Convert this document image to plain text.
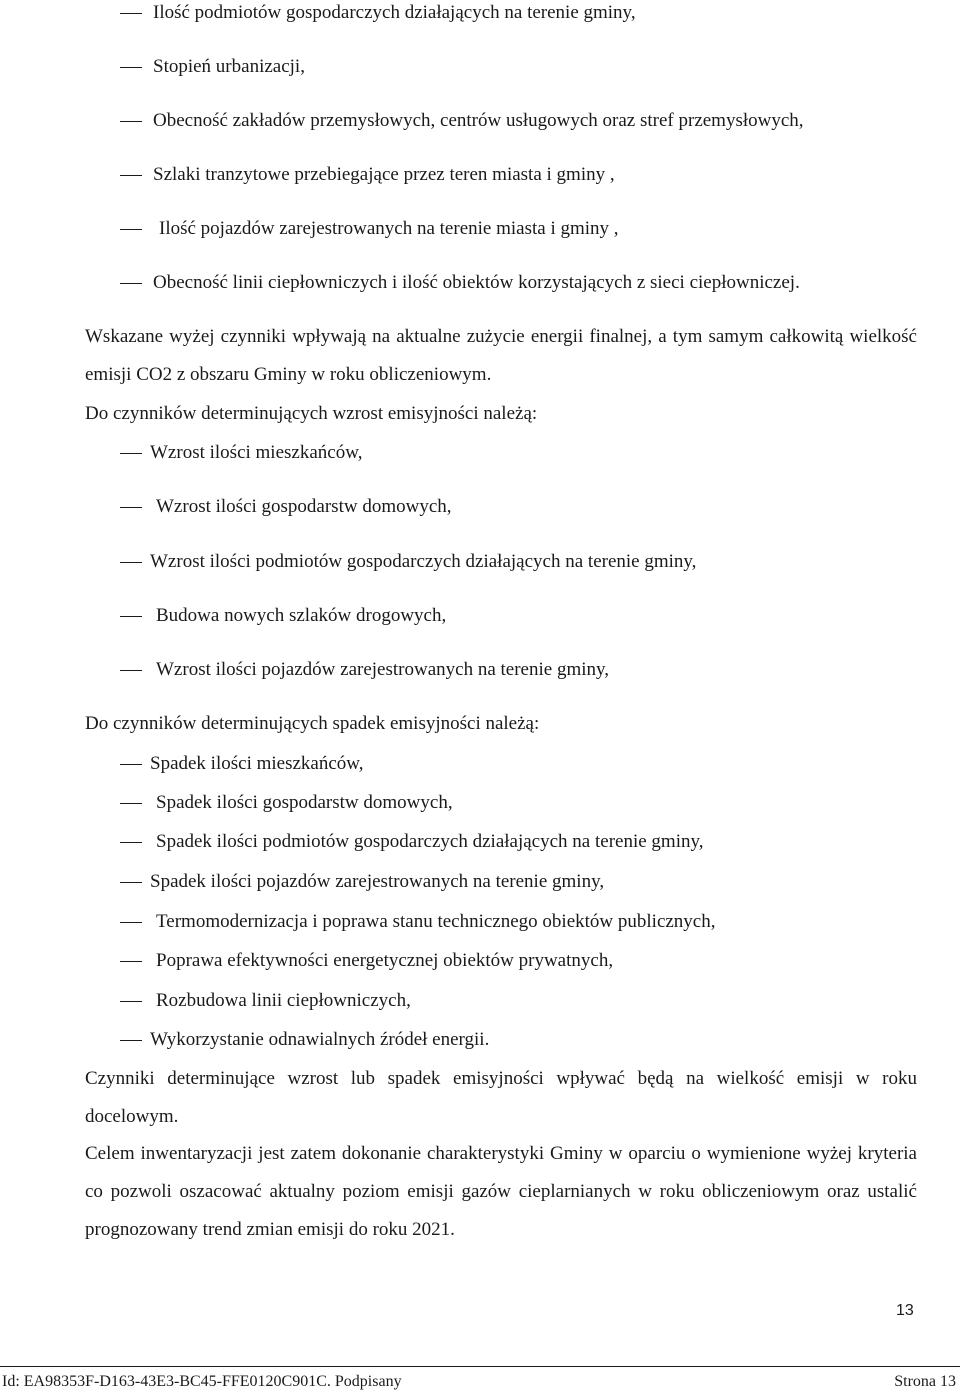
Ilość podmiotów gospodarczych działających na terenie gminy,
Stopień urbanizacji,
Obecność zakładów przemysłowych, centrów usługowych oraz stref przemysłowych,
Szlaki tranzytowe przebiegające przez teren miasta i gminy ,
Ilość pojazdów zarejestrowanych na terenie miasta i gminy ,
Obecność linii ciepłowniczych i ilość obiektów korzystających z sieci ciepłowniczej.
Wskazane wyżej czynniki wpływają na aktualne zużycie energii finalnej, a tym samym całkowitą wielkość emisji CO2 z obszaru Gminy w roku obliczeniowym.
Do czynników determinujących wzrost emisyjności należą:
Wzrost ilości mieszkańców,
Wzrost ilości gospodarstw domowych,
Wzrost ilości podmiotów gospodarczych działających na terenie gminy,
Budowa nowych szlaków drogowych,
Wzrost ilości pojazdów zarejestrowanych na terenie gminy,
Do czynników determinujących spadek emisyjności należą:
Spadek ilości mieszkańców,
Spadek ilości gospodarstw domowych,
Spadek ilości podmiotów gospodarczych działających na terenie gminy,
Spadek ilości pojazdów zarejestrowanych na terenie gminy,
Termomodernizacja i poprawa stanu technicznego obiektów publicznych,
Poprawa efektywności energetycznej obiektów prywatnych,
Rozbudowa linii ciepłowniczych,
Wykorzystanie odnawialnych źródeł energii.
Czynniki determinujące wzrost lub spadek emisyjności wpływać będą na wielkość emisji w roku docelowym.
Celem inwentaryzacji jest zatem dokonanie charakterystyki Gminy w oparciu o wymienione wyżej kryteria co pozwoli oszacować aktualny poziom emisji gazów cieplarnianych w roku obliczeniowym oraz ustalić prognozowany trend zmian emisji do roku 2021.
13
Id: EA98353F-D163-43E3-BC45-FFE0120C901C. Podpisany	Strona 13
